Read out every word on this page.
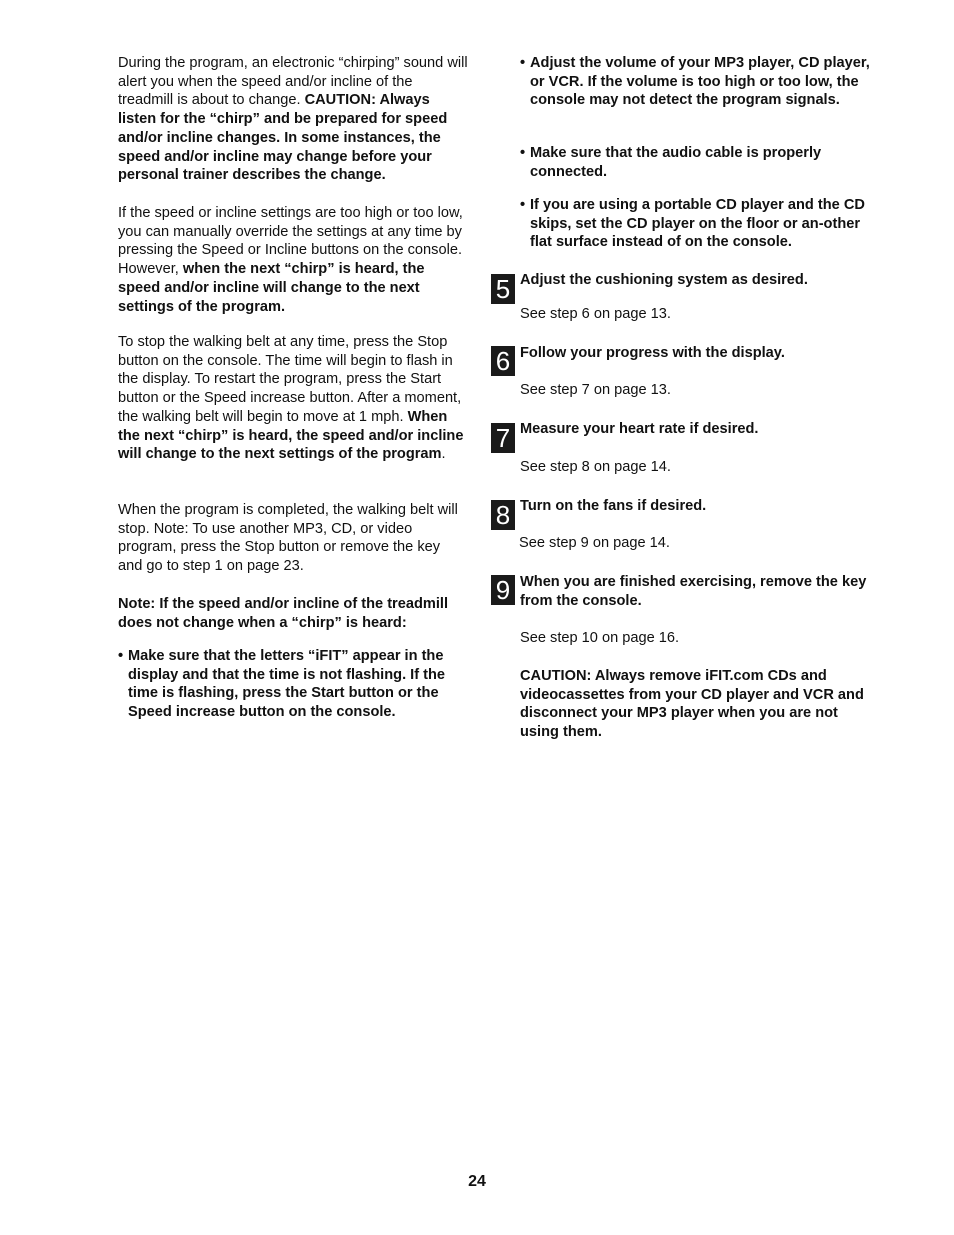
During the program, an electronic “chirping” sound will alert you when the speed and/or incline of the treadmill is about to change. CAUTION: Always listen for the “chirp” and be prepared for speed and/or incline changes. In some instances, the speed and/or incline may change before your personal trainer describes the change.

If the speed or incline settings are too high or too low, you can manually override the settings at any time by pressing the Speed or Incline buttons on the console. However, when the next “chirp” is heard, the speed and/or incline will change to the next settings of the program.

To stop the walking belt at any time, press the Stop button on the console. The time will begin to flash in the display. To restart the program, press the Start button or the Speed increase button. After a moment, the walking belt will begin to move at 1 mph. When the next “chirp” is heard, the speed and/or incline will change to the next settings of the program.

When the program is completed, the walking belt will stop. Note: To use another MP3, CD, or video program, press the Stop button or remove the key and go to step 1 on page 23.

Note: If the speed and/or incline of the treadmill does not change when a “chirp” is heard:

• Make sure that the letters “iFIT” appear in the display and that the time is not flashing. If the time is flashing, press the Start button or the Speed increase button on the console.
• Adjust the volume of your MP3 player, CD player, or VCR. If the volume is too high or too low, the console may not detect the program signals.
• Make sure that the audio cable is properly connected.
• If you are using a portable CD player and the CD skips, set the CD player on the floor or an-other flat surface instead of on the console.
5 Adjust the cushioning system as desired.
See step 6 on page 13.
6 Follow your progress with the display.
See step 7 on page 13.
7 Measure your heart rate if desired.
See step 8 on page 14.
8 Turn on the fans if desired.
See step 9 on page 14.
9 When you are finished exercising, remove the key from the console.
See step 10 on page 16.

CAUTION: Always remove iFIT.com CDs and videocassettes from your CD player and VCR and disconnect your MP3 player when you are not using them.

24
